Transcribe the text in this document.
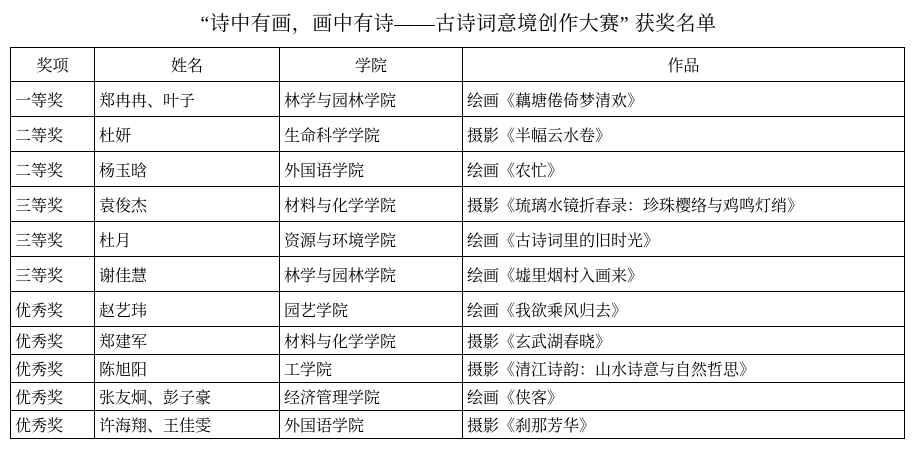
“诗中有画，画中有诗——古诗词意境创作大赛” 获奖名单
奖项	姓名	学院	作品
一等奖	郑冉冉、叶子	林学与园林学院	绘画《藕塘倦倚梦清欢》
二等奖	杜妍	生命科学学院	摄影《半幅云水卷》
二等奖	杨玉晗	外国语学院	绘画《农忙》
三等奖	袁俊杰	材料与化学学院	摄影《琉璃水镜折春录：珍珠樱络与鸡鸣灯绡》
三等奖	杜月	资源与环境学院	绘画《古诗词里的旧时光》
三等奖	谢佳慧	林学与园林学院	绘画《墟里烟村入画来》
优秀奖	赵艺玮	园艺学院	绘画《我欲乘风归去》
优秀奖	郑建军	材料与化学学院	摄影《玄武湖春晓》
优秀奖	陈旭阳	工学院	摄影《清江诗韵：山水诗意与自然哲思》
优秀奖	张友炯、彭子豪	经济管理学院	绘画《侠客》
优秀奖	许海翔、王佳雯	外国语学院	摄影《刹那芳华》
